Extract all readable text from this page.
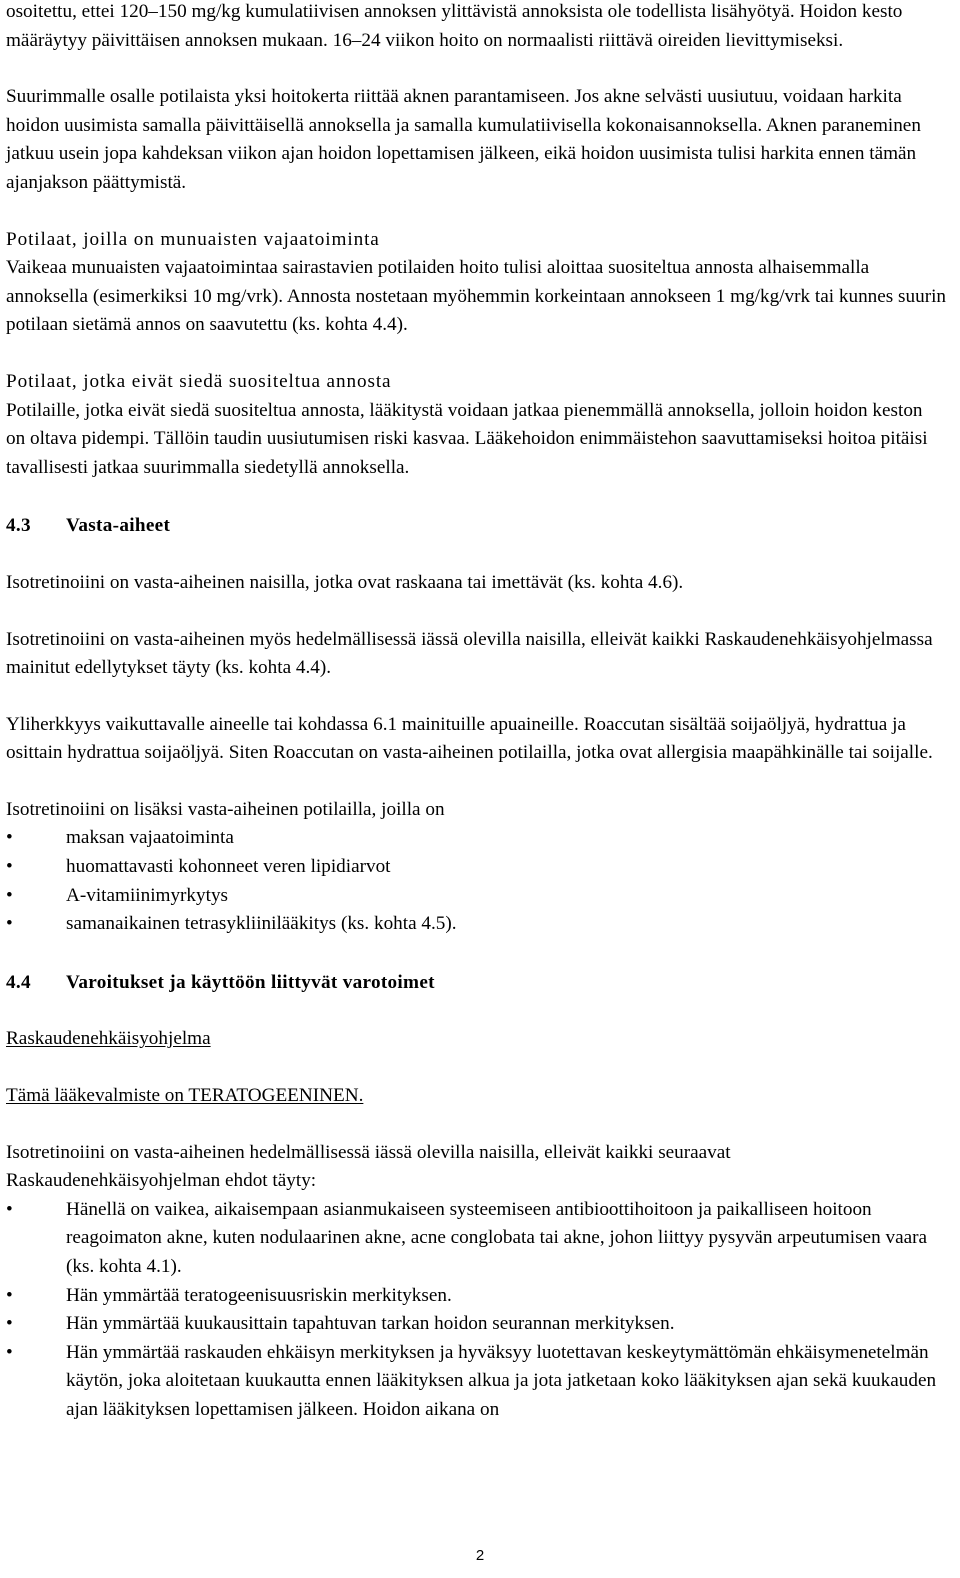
osoitettu, ettei 120–150 mg/kg kumulatiivisen annoksen ylittävistä annoksista ole todellista lisähyötyä. Hoidon kesto määräytyy päivittäisen annoksen mukaan. 16–24 viikon hoito on normaalisti riittävä oireiden lievittymiseksi.

Suurimmalle osalle potilaista yksi hoitokerta riittää aknen parantamiseen. Jos akne selvästi uusiutuu, voidaan harkita hoidon uusimista samalla päivittäisellä annoksella ja samalla kumulatiivisella kokonaisannoksella. Aknen paraneminen jatkuu usein jopa kahdeksan viikon ajan hoidon lopettamisen jälkeen, eikä hoidon uusimista tulisi harkita ennen tämän ajanjakson päättymistä.

Potilaat, joilla on munuaisten vajaatoiminta

Vaikeaa munuaisten vajaatoimintaa sairastavien potilaiden hoito tulisi aloittaa suositeltua annosta alhaisemmalla annoksella (esimerkiksi 10 mg/vrk). Annosta nostetaan myöhemmin korkeintaan annokseen 1 mg/kg/vrk tai kunnes suurin potilaan sietämä annos on saavutettu (ks. kohta 4.4).

Potilaat, jotka eivät siedä suositeltua annosta

Potilaille, jotka eivät siedä suositeltua annosta, lääkitystä voidaan jatkaa pienemmällä annoksella, jolloin hoidon keston on oltava pidempi. Tällöin taudin uusiutumisen riski kasvaa. Lääkehoidon enimmäistehon saavuttamiseksi hoitoa pitäisi tavallisesti jatkaa suurimmalla siedetyllä annoksella.

4.3 Vasta-aiheet

Isotretinoiini on vasta-aiheinen naisilla, jotka ovat raskaana tai imettävät (ks. kohta 4.6).

Isotretinoiini on vasta-aiheinen myös hedelmällisessä iässä olevilla naisilla, elleivät kaikki Raskaudenehkäisyohjelmassa mainitut edellytykset täyty (ks. kohta 4.4).

Yliherkkyys vaikuttavalle aineelle tai kohdassa 6.1 mainituille apuaineille. Roaccutan sisältää soijaöljyä, hydrattua ja osittain hydrattua soijaöljyä. Siten Roaccutan on vasta-aiheinen potilailla, jotka ovat allergisia maapähkinälle tai soijalle.

Isotretinoiini on lisäksi vasta-aiheinen potilailla, joilla on

• maksan vajaatoiminta
• huomattavasti kohonneet veren lipidiarvot
• A-vitamiinimyrkytys
• samanaikainen tetrasykliinilääkitys (ks. kohta 4.5).
4.4 Varoitukset ja käyttöön liittyvät varotoimet

Raskaudenehkäisyohjelma

Tämä lääkevalmiste on TERATOGEENINEN.

Isotretinoiini on vasta-aiheinen hedelmällisessä iässä olevilla naisilla, elleivät kaikki seuraavat Raskaudenehkäisyohjelman ehdot täyty:

• Hänellä on vaikea, aikaisempaan asianmukaiseen systeemiseen antibioottihoitoon ja paikalliseen hoitoon reagoimaton akne, kuten nodulaarinen akne, acne conglobata tai akne, johon liittyy pysyvän arpeutumisen vaara (ks. kohta 4.1).
• Hän ymmärtää teratogeenisuusriskin merkityksen.
• Hän ymmärtää kuukausittain tapahtuvan tarkan hoidon seurannan merkityksen.
• Hän ymmärtää raskauden ehkäisyn merkityksen ja hyväksyy luotettavan keskeytymättömän ehkäisymenetelmän käytön, joka aloitetaan kuukautta ennen lääkityksen alkua ja jota jatketaan koko lääkityksen ajan sekä kuukauden ajan lääkityksen lopettamisen jälkeen. Hoidon aikana on
2
